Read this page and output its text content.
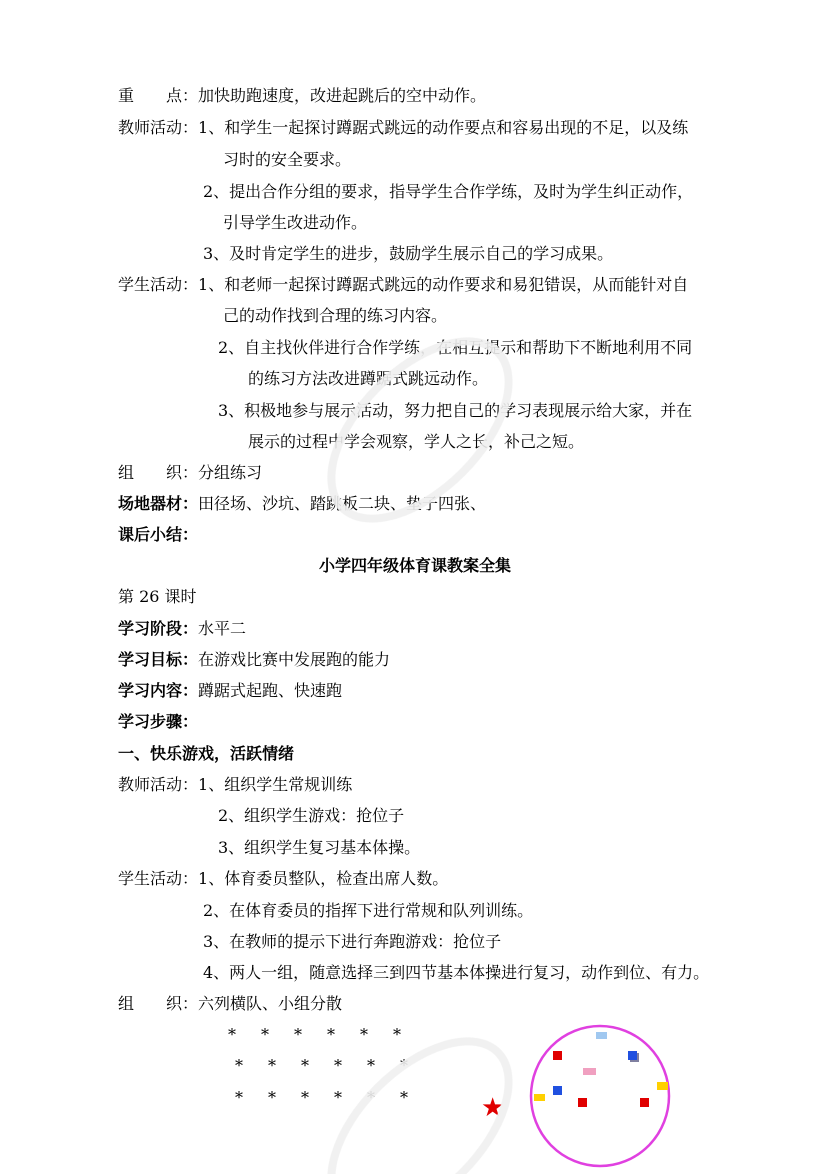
重　　点：加快助跑速度，改进起跳后的空中动作。
教师活动：1、和学生一起探讨蹲踞式跳远的动作要点和容易出现的不足，以及练
习时的安全要求。
2、提出合作分组的要求，指导学生合作学练，及时为学生纠正动作，
引导学生改进动作。
3、及时肯定学生的进步，鼓励学生展示自己的学习成果。
学生活动：1、和老师一起探讨蹲踞式跳远的动作要求和易犯错误，从而能针对自
己的动作找到合理的练习内容。
2、自主找伙伴进行合作学练，在相互提示和帮助下不断地利用不同
的练习方法改进蹲踞式跳远动作。
3、积极地参与展示活动，努力把自己的学习表现展示给大家，并在
展示的过程中学会观察，学人之长，补己之短。
组　　织：分组练习
场地器材：田径场、沙坑、踏跳板二块、垫子四张、
课后小结：
小学四年级体育课教案全集
第 26 课时
学习阶段：水平二
学习目标：在游戏比赛中发展跑的能力
学习内容：蹲踞式起跑、快速跑
学习步骤：
一、快乐游戏，活跃情绪
教师活动：1、组织学生常规训练
2、组织学生游戏：抢位子
3、组织学生复习基本体操。
学生活动：1、体育委员整队，检查出席人数。
2、在体育委员的指挥下进行常规和队列训练。
3、在教师的提示下进行奔跑游戏：抢位子
4、两人一组，随意选择三到四节基本体操进行复习，动作到位、有力。
组　　织：六列横队、小组分散
* * * * * *
* * * * * *
* * * * * *	★
